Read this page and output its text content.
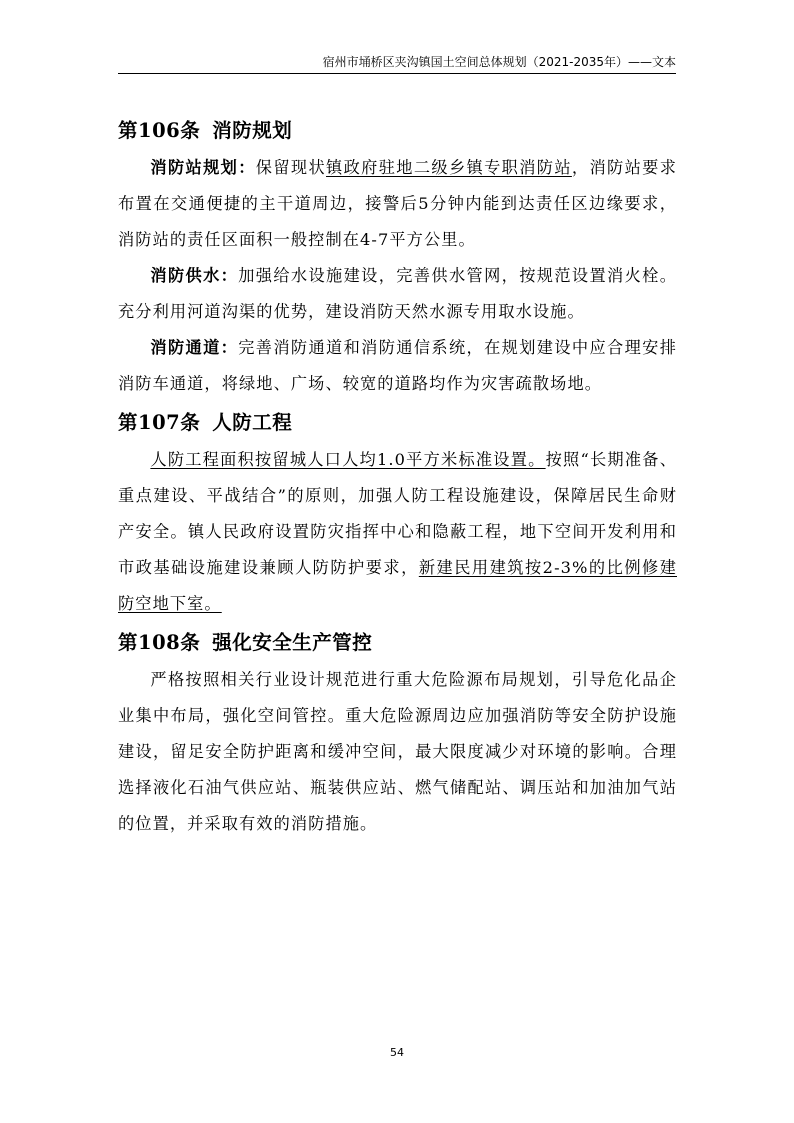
宿州市埇桥区夹沟镇国土空间总体规划（2021-2035年）——文本
第106条 消防规划

消防站规划：保留现状镇政府驻地二级乡镇专职消防站，消防站要求布置在交通便捷的主干道周边，接警后5分钟内能到达责任区边缘要求，消防站的责任区面积一般控制在4-7平方公里。

消防供水：加强给水设施建设，完善供水管网，按规范设置消火栓。充分利用河道沟渠的优势，建设消防天然水源专用取水设施。

消防通道：完善消防通道和消防通信系统，在规划建设中应合理安排消防车通道，将绿地、广场、较宽的道路均作为灾害疏散场地。

第107条 人防工程

人防工程面积按留城人口人均1.0平方米标准设置。按照“长期准备、重点建设、平战结合”的原则，加强人防工程设施建设，保障居民生命财产安全。镇人民政府设置防灾指挥中心和隐蔽工程，地下空间开发利用和市政基础设施建设兼顾人防防护要求，新建民用建筑按2-3%的比例修建防空地下室。

第108条 强化安全生产管控

严格按照相关行业设计规范进行重大危险源布局规划，引导危化品企业集中布局，强化空间管控。重大危险源周边应加强消防等安全防护设施建设，留足安全防护距离和缓冲空间，最大限度减少对环境的影响。合理选择液化石油气供应站、瓶装供应站、燃气储配站、调压站和加油加气站的位置，并采取有效的消防措施。

54
